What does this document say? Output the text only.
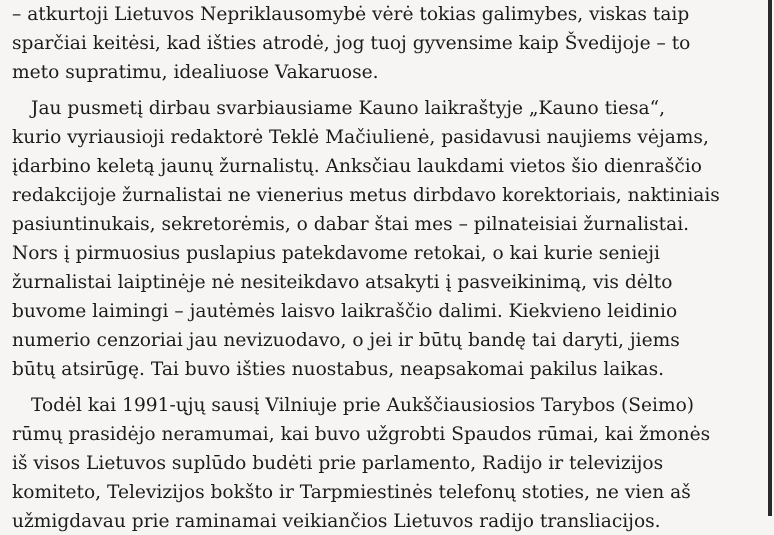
– atkurtoji Lietuvos Nepriklausomybė vėrė tokias galimybes, viskas taip
sparčiai keitėsi, kad išties atrodė, jog tuoj gyvensime kaip Švedijoje – to
meto supratimu, idealiuose Vakaruose.
Jau pusmetį dirbau svarbiausiame Kauno laikraštyje „Kauno tiesa“,
kurio vyriausioji redaktorė Teklė Mačiulienė, pasidavusi naujiems vėjams,
įdarbino keletą jaunų žurnalistų. Anksčiau laukdami vietos šio dienraščio
redakcijoje žurnalistai ne vienerius metus dirbdavo korektoriais, naktiniais
pasiuntinukais, sekretorėmis, o dabar štai mes – pilnateisiai žurnalistai.
Nors į pirmuosius puslapius patekdavome retokai, o kai kurie senieji
žurnalistai laiptinėje nė nesiteikdavo atsakyti į pasveikinimą, vis dėlto
buvome laimingi – jautėmės laisvo laikraščio dalimi. Kiekvieno leidinio
numerio cenzoriai jau nevizuodavo, o jei ir būtų bandę tai daryti, jiems
būtų atsirūgę. Tai buvo išties nuostabus, neapsakomai pakilus laikas.
Todėl kai 1991-ųjų sausį Vilniuje prie Aukščiausiosios Tarybos (Seimo)
rūmų prasidėjo neramumai, kai buvo užgrobti Spaudos rūmai, kai žmonės
iš visos Lietuvos suplūdo budėti prie parlamento, Radijo ir televizijos
komiteto, Televizijos bokšto ir Tarpmiestinės telefonų stoties, ne vien aš
užmigdavau prie raminamai veikiančios Lietuvos radijo transliacijos.
